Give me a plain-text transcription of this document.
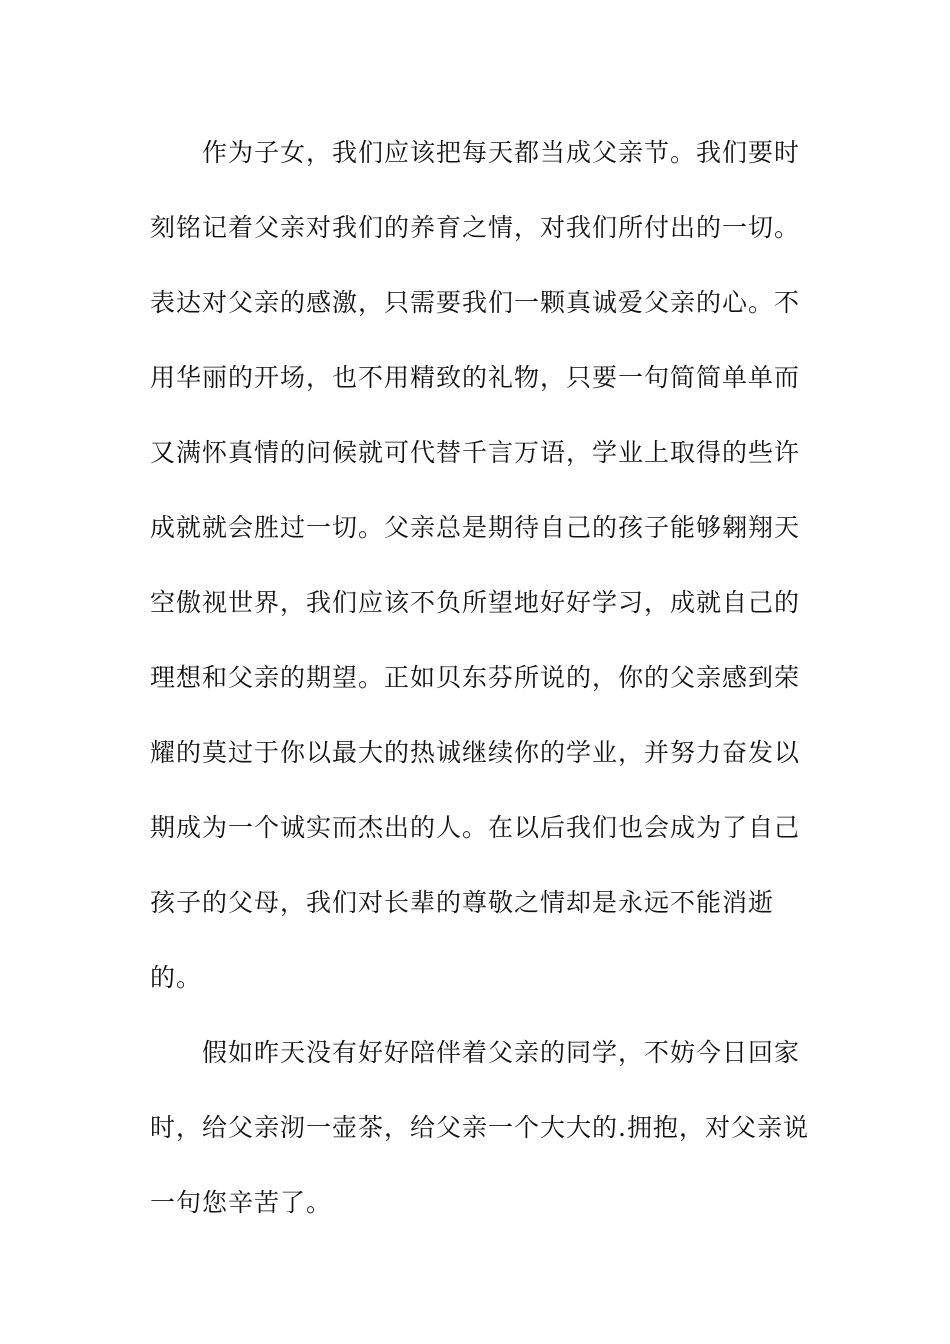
作为子女，我们应该把每天都当成父亲节。我们要时
刻铭记着父亲对我们的养育之情，对我们所付出的一切。
表达对父亲的感激，只需要我们一颗真诚爱父亲的心。不
用华丽的开场，也不用精致的礼物，只要一句简简单单而
又满怀真情的问候就可代替千言万语，学业上取得的些许
成就就会胜过一切。父亲总是期待自己的孩子能够翱翔天
空傲视世界，我们应该不负所望地好好学习，成就自己的
理想和父亲的期望。正如贝东芬所说的，你的父亲感到荣
耀的莫过于你以最大的热诚继续你的学业，并努力奋发以
期成为一个诚实而杰出的人。在以后我们也会成为了自己
孩子的父母，我们对长辈的尊敬之情却是永远不能消逝
的。
假如昨天没有好好陪伴着父亲的同学，不妨今日回家
时，给父亲沏一壶茶，给父亲一个大大的.拥抱，对父亲说
一句您辛苦了。
